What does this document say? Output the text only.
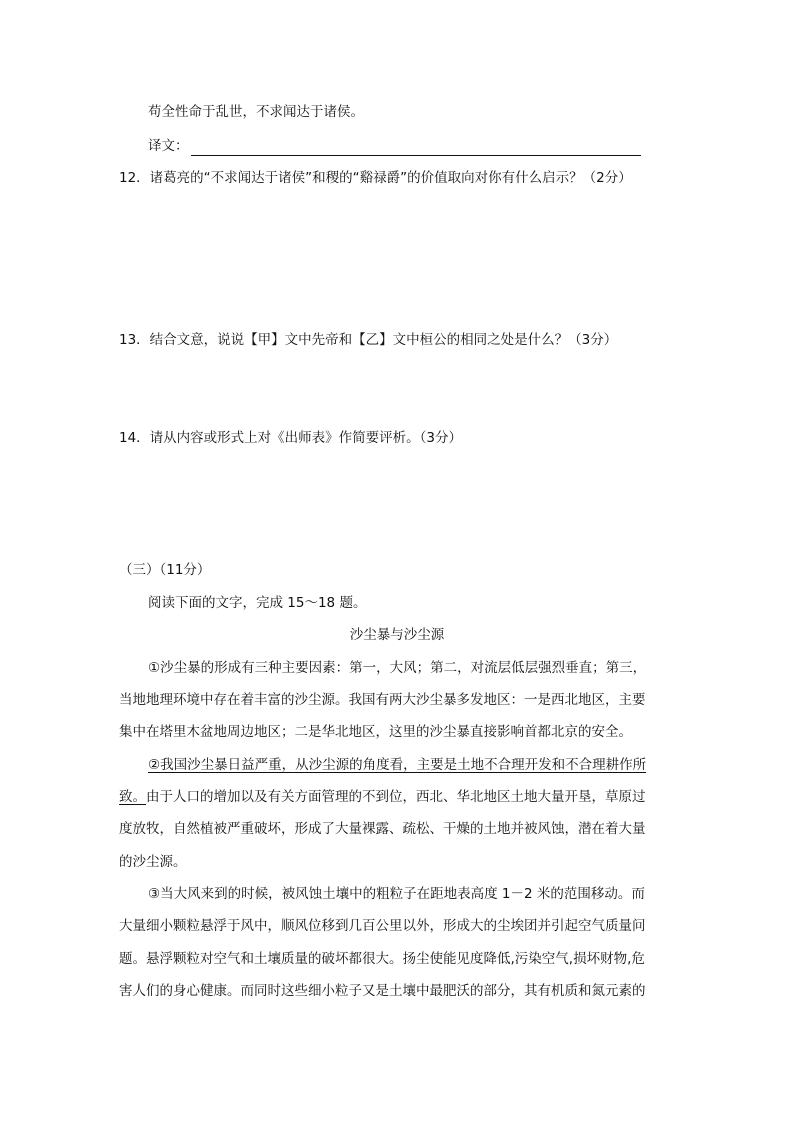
苟全性命于乱世，不求闻达于诸侯。
译文：
12．诸葛亮的“不求闻达于诸侯”和稷的“谿禄爵”的价值取向对你有什么启示？（2分）
13．结合文意，说说【甲】文中先帝和【乙】文中桓公的相同之处是什么？（3分）
14．请从内容或形式上对《出师表》作简要评析。（3分）
（三）（11分）
阅读下面的文字，完成 15～18 题。
沙尘暴与沙尘源
①沙尘暴的形成有三种主要因素：第一，大风；第二，对流层低层强烈垂直；第三，
当地地理环境中存在着丰富的沙尘源。我国有两大沙尘暴多发地区：一是西北地区，主要
集中在塔里木盆地周边地区；二是华北地区，这里的沙尘暴直接影响首都北京的安全。
②我国沙尘暴日益严重，从沙尘源的角度看，主要是土地不合理开发和不合理耕作所
致。由于人口的增加以及有关方面管理的不到位，西北、华北地区土地大量开垦，草原过
度放牧，自然植被严重破坏，形成了大量裸露、疏松、干燥的土地并被风蚀，潜在着大量
的沙尘源。
③当大风来到的时候，被风蚀土壤中的粗粒子在距地表高度 1－2 米的范围移动。而
大量细小颗粒悬浮于风中，顺风位移到几百公里以外，形成大的尘埃团并引起空气质量问
题。悬浮颗粒对空气和土壤质量的破坏都很大。扬尘使能见度降低,污染空气,损坏财物,危
害人们的身心健康。而同时这些细小粒子又是土壤中最肥沃的部分，其有机质和氮元素的
